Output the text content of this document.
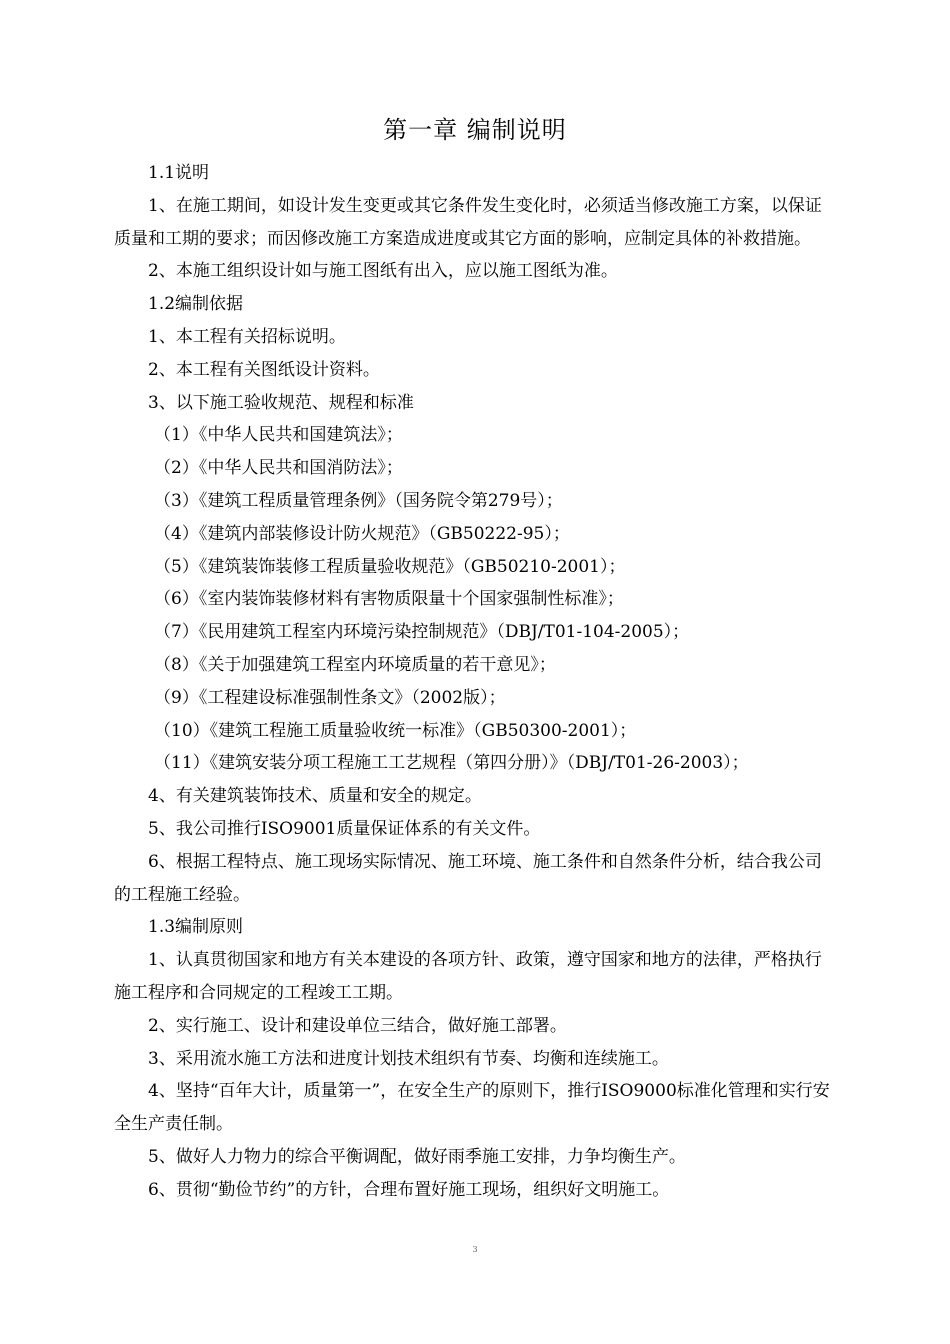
第一章 编制说明

1.1说明

1、在施工期间，如设计发生变更或其它条件发生变化时，必须适当修改施工方案，以保证质量和工期的要求；而因修改施工方案造成进度或其它方面的影响，应制定具体的补救措施。

2、本施工组织设计如与施工图纸有出入，应以施工图纸为准。

1.2编制依据

1、本工程有关招标说明。

2、本工程有关图纸设计资料。

3、以下施工验收规范、规程和标准

（1）《中华人民共和国建筑法》；

（2）《中华人民共和国消防法》；

（3）《建筑工程质量管理条例》（国务院令第279号）；

（4）《建筑内部装修设计防火规范》（GB50222-95）；

（5）《建筑装饰装修工程质量验收规范》（GB50210-2001）；

（6）《室内装饰装修材料有害物质限量十个国家强制性标准》；

（7）《民用建筑工程室内环境污染控制规范》（DBJ/T01-104-2005）；

（8）《关于加强建筑工程室内环境质量的若干意见》；

（9）《工程建设标准强制性条文》（2002版）；

（10）《建筑工程施工质量验收统一标准》（GB50300-2001）；

（11）《建筑安装分项工程施工工艺规程（第四分册）》（DBJ/T01-26-2003）；

4、有关建筑装饰技术、质量和安全的规定。

5、我公司推行ISO9001质量保证体系的有关文件。

6、根据工程特点、施工现场实际情况、施工环境、施工条件和自然条件分析，结合我公司的工程施工经验。

1.3编制原则

1、认真贯彻国家和地方有关本建设的各项方针、政策，遵守国家和地方的法律，严格执行施工程序和合同规定的工程竣工工期。

2、实行施工、设计和建设单位三结合，做好施工部署。

3、采用流水施工方法和进度计划技术组织有节奏、均衡和连续施工。

4、坚持“百年大计，质量第一”，在安全生产的原则下，推行ISO9000标准化管理和实行安全生产责任制。

5、做好人力物力的综合平衡调配，做好雨季施工安排，力争均衡生产。

6、贯彻“勤俭节约”的方针，合理布置好施工现场，组织好文明施工。

3
